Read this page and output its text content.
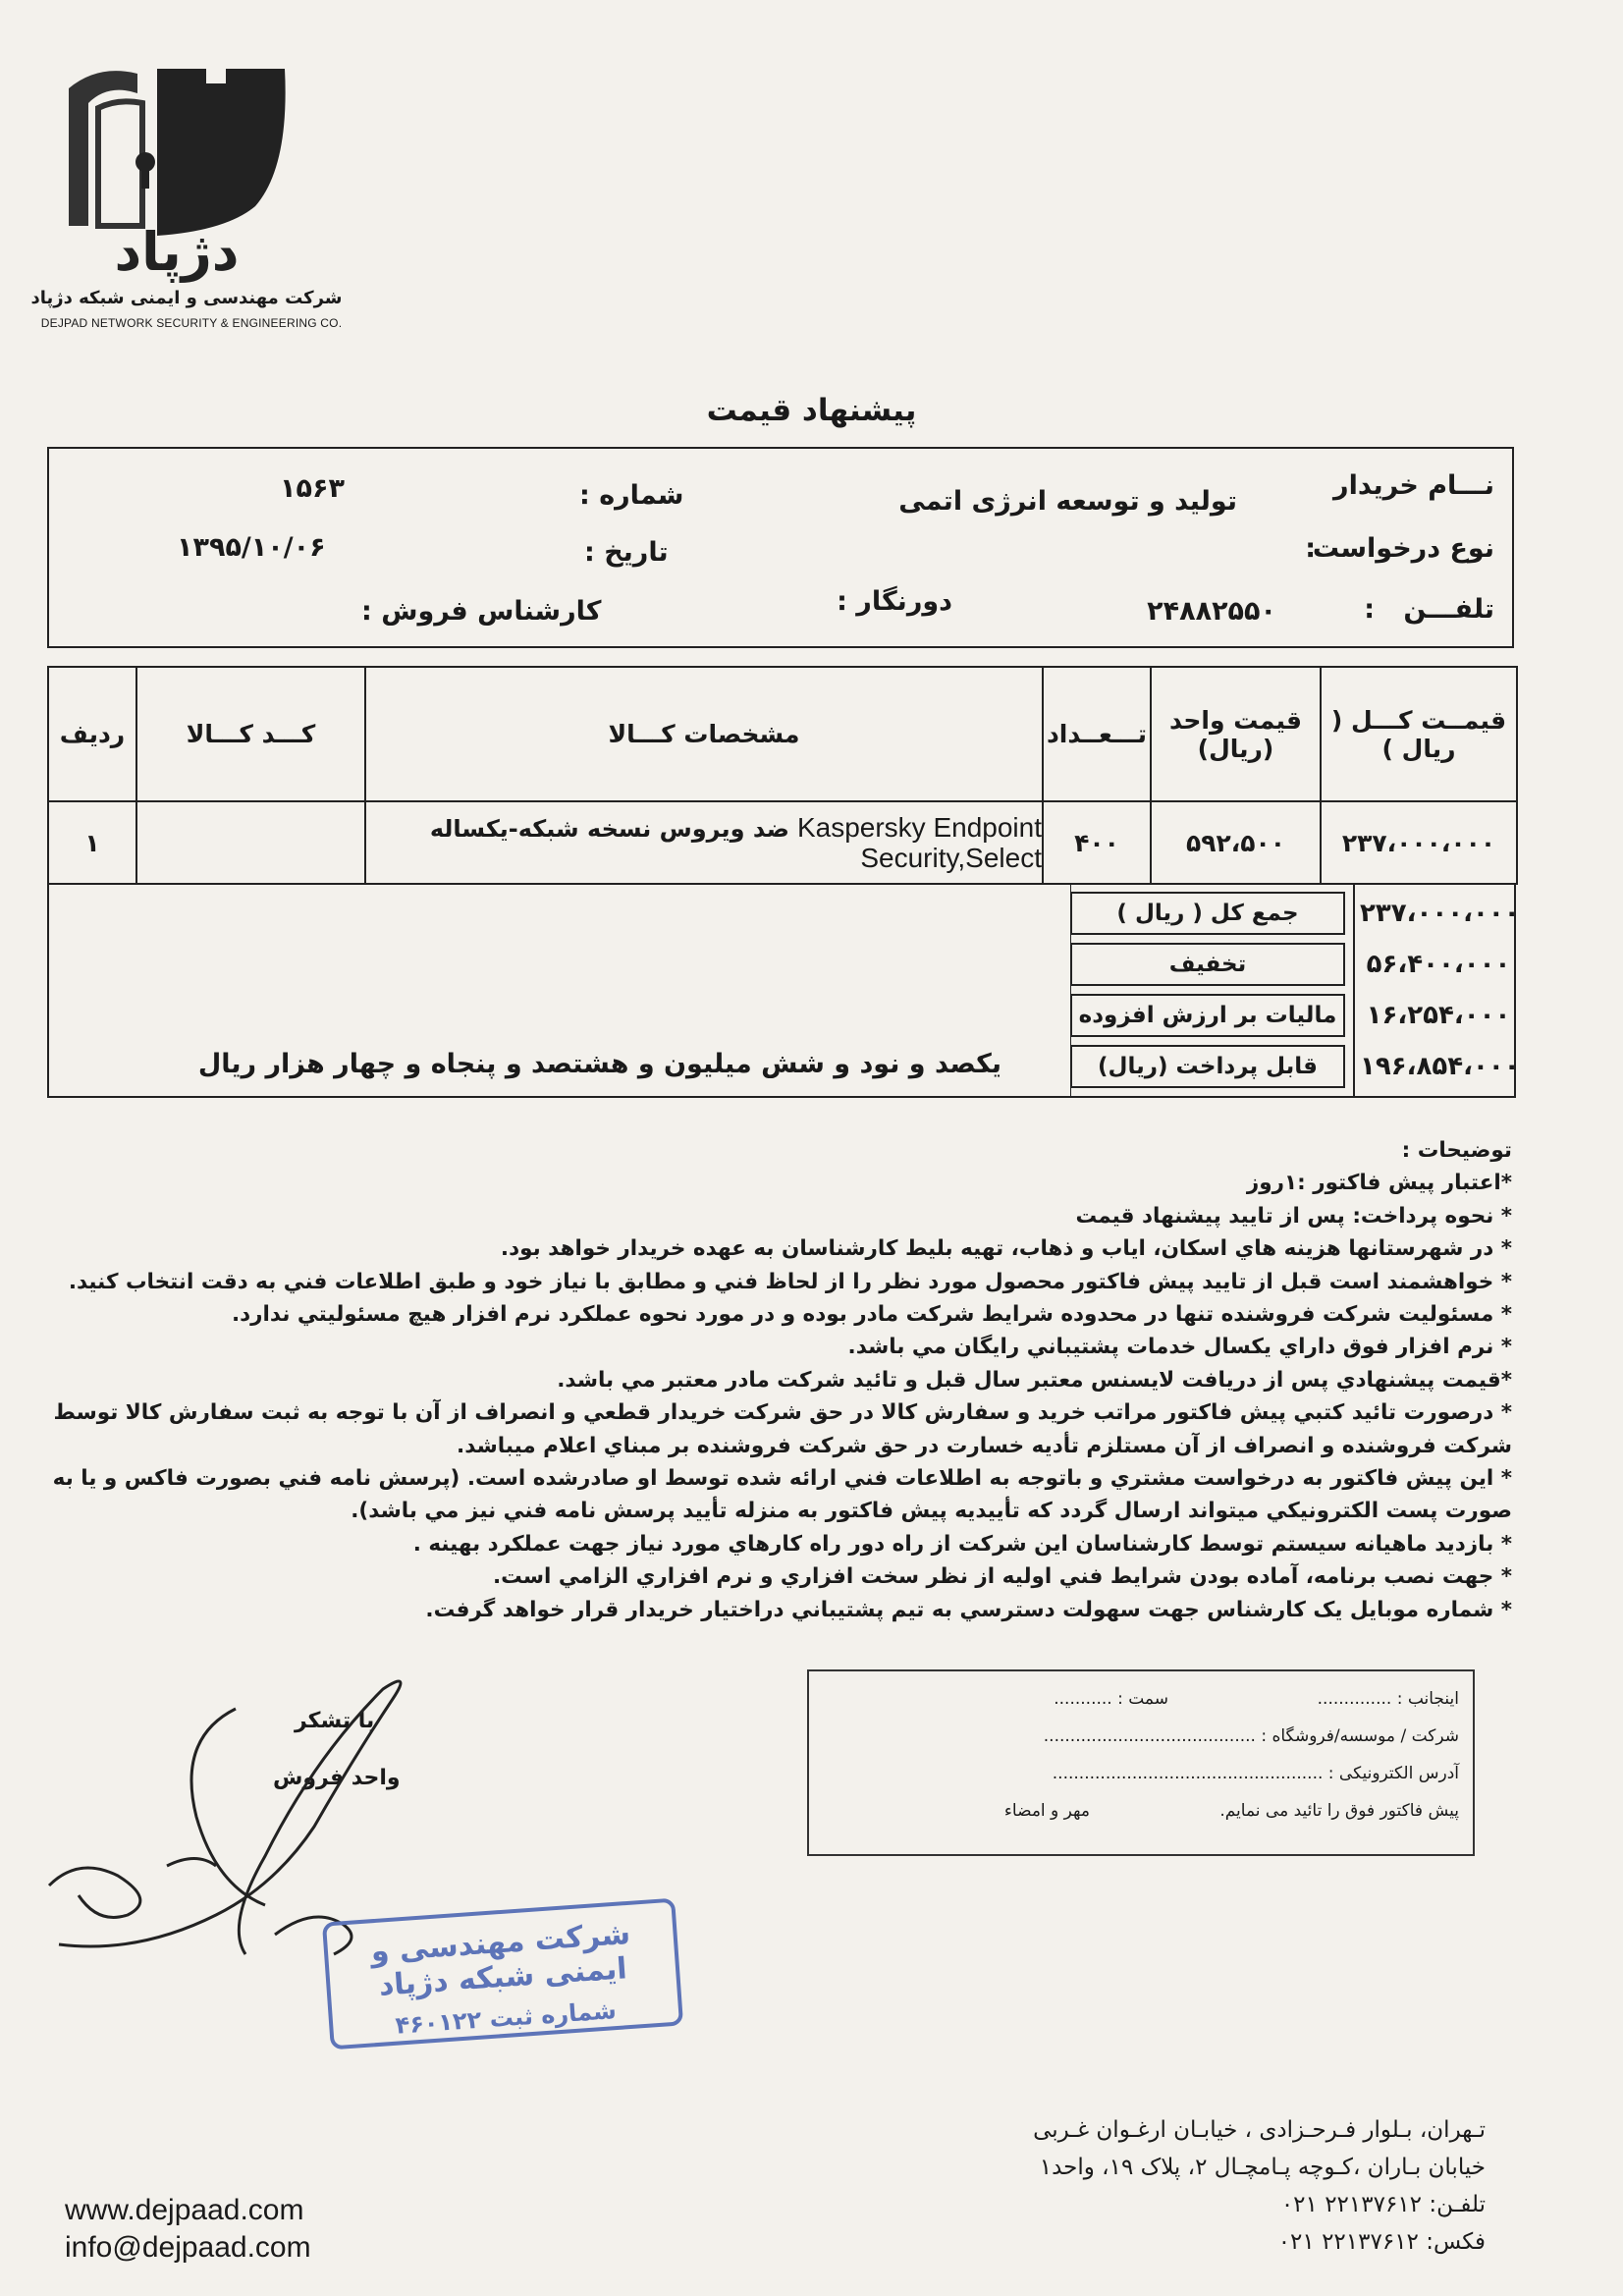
دژپاد
شرکت مهندسی و ایمنی شبکه دژپاد
DEJPAD NETWORK SECURITY & ENGINEERING CO.
پیشنهاد قیمت
نـــام خریدار
تولید و توسعه انرژی اتمی
نوع درخواست
:
تلفـــن
:
۲۴۸۸۲۵۵۰
دورنگار :
شماره :
۱۵۶۳
تاریخ :
۱۳۹۵/۱۰/۰۶
کارشناس فروش :
قیمــت کـــل ( ریال )	قیمت واحد (ریال)	تـــعــداد	مشخصات کـــالا	کـــد کـــالا	ردیف
۲۳۷،۰۰۰،۰۰۰	۵۹۲،۵۰۰	۴۰۰	Kaspersky Endpoint
ضد ویروس نسخه شبکه-یکساله
Security,Select		۱
جمع کل ( ریال )	۲۳۷،۰۰۰،۰۰۰
تخفیف	۵۶،۴۰۰،۰۰۰
مالیات بر ارزش افزوده	۱۶،۲۵۴،۰۰۰
قابل پرداخت (ریال)	۱۹۶،۸۵۴،۰۰۰
یکصد و نود و شش میلیون و هشتصد و پنجاه و چهار هزار ریال

توضیحات :

*اعتبار پیش فاکتور :۱روز

* نحوه پرداخت: پس از تایید پیشنهاد قیمت

* در شهرستانها هزینه هاي اسکان، اياب و ذهاب، تهيه بليط کارشناسان به عهده خريدار خواهد بود.

* خواهشمند است قبل از تاييد پيش فاکتور محصول مورد نظر را از لحاظ فني و مطابق با نياز خود و طبق اطلاعات فني به دقت انتخاب کنيد.

* مسئوليت شرکت فروشنده تنها در محدوده شرايط شرکت مادر بوده و در مورد نحوه عملکرد نرم افزار هيچ مسئوليتي ندارد.

* نرم افزار فوق داراي يکسال خدمات پشتيباني رايگان مي باشد.

*قيمت پيشنهادي پس از دريافت لايسنس معتبر سال قبل و تائید شرکت مادر معتبر مي باشد.

* درصورت تائيد کتبي پيش فاکتور مراتب خريد و سفارش کالا در حق شرکت خريدار قطعي و انصراف از آن با توجه به ثبت سفارش کالا توسط

شرکت فروشنده و انصراف از آن مستلزم تأديه خسارت در حق شرکت فروشنده بر مبناي اعلام ميباشد.

* اين پيش فاکتور به درخواست مشتري و باتوجه به اطلاعات فني ارائه شده توسط او صادرشده است. (پرسش نامه فني بصورت فاکس و يا به

صورت پست الکترونيکي ميتواند ارسال گردد که تأييديه پيش فاکتور به منزله تأييد پرسش نامه فني نيز مي باشد).

* بازديد ماهيانه سيستم توسط کارشناسان اين شرکت از راه دور راه کارهاي مورد نياز جهت عملکرد بهينه .

* جهت نصب برنامه، آماده بودن شرايط فني اوليه از نظر سخت افزاري و نرم افزاري الزامي است.

* شماره موبايل يک کارشناس جهت سهولت دسترسي به تيم پشتيباني دراختيار خريدار قرار خواهد گرفت.

اینجانب : ..............
سمت : ...........
شرکت / موسسه/فروشگاه : ........................................
آدرس الکترونیکی : ...................................................
پیش فاکتور فوق را تائید می نمایم.
مهر و امضاء
با تشکر
واحد فروش
شرکت مهندسی و ایمنی شبکه دژپاد
شماره ثبت ۴۶۰۱۲۲
www.dejpaad.com
info@dejpaad.com
تـهران، بـلوار فـرحـزادی ، خیابـان ارغـوان غـربی
خیابان بـاران ،کـوچه پـامچـال ۲، پلاک ۱۹، واحد۱
تلفـن: ۲۲۱۳۷۶۱۲ ۰۲۱
فکس: ۲۲۱۳۷۶۱۲ ۰۲۱
